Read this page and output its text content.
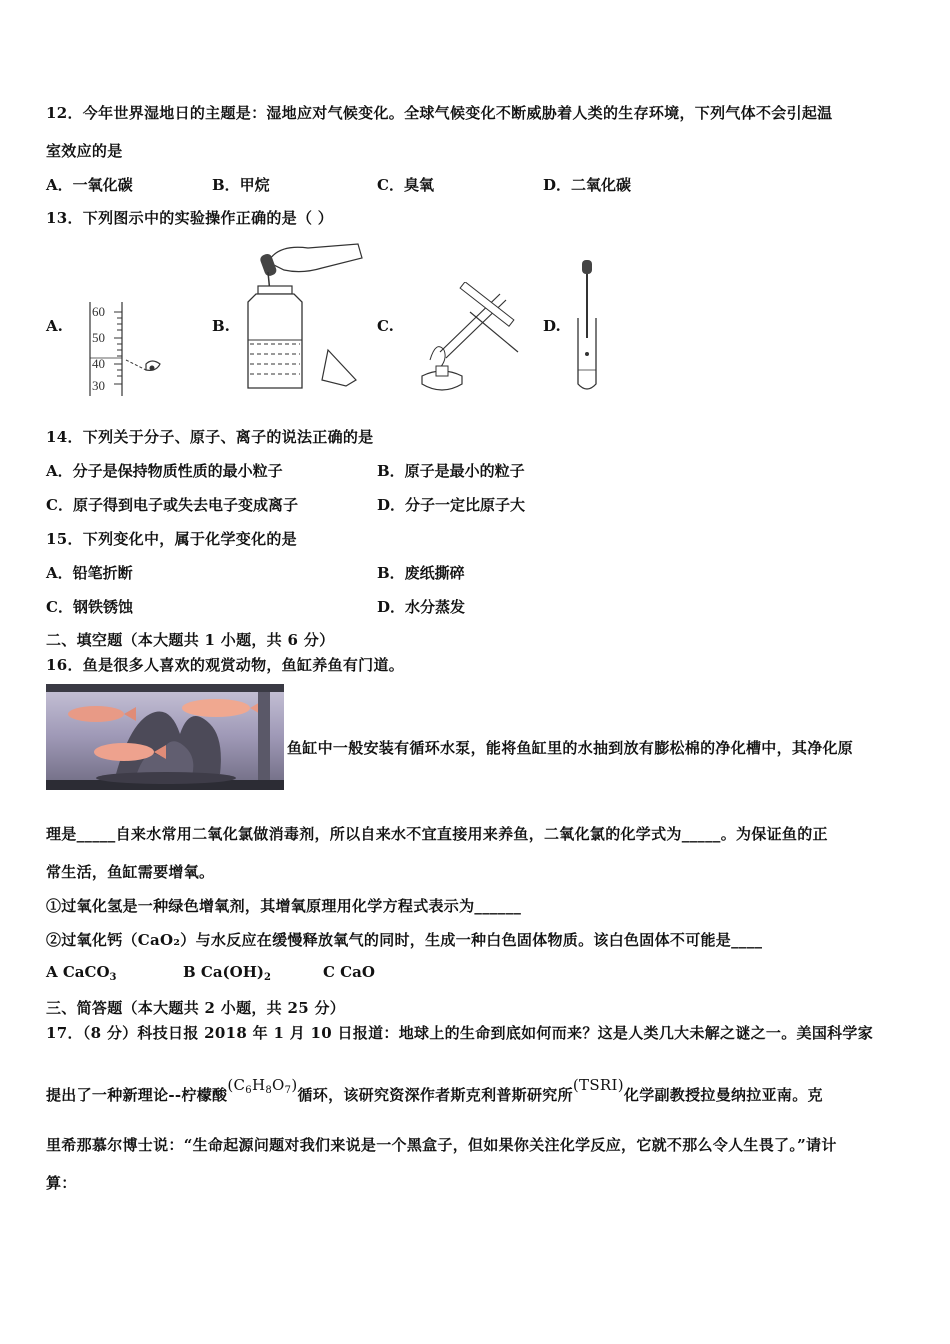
12．今年世界湿地日的主题是：湿地应对气候变化。全球气候变化不断威胁着人类的生存环境，下列气体不会引起温
室效应的是
A．一氧化碳	B．甲烷	C．臭氧	D．二氧化碳
13．下列图示中的实验操作正确的是（ ）
A.	B.	C.	D.
60
50
40
30
14．下列关于分子、原子、离子的说法正确的是
A．分子是保持物质性质的最小粒子	B．原子是最小的粒子
C．原子得到电子或失去电子变成离子	D．分子一定比原子大
15．下列变化中，属于化学变化的是
A．铅笔折断	B．废纸撕碎
C．钢铁锈蚀	D．水分蒸发
二、填空题（本大题共 1 小题，共 6 分）
16．鱼是很多人喜欢的观赏动物，鱼缸养鱼有门道。
鱼缸中一般安装有循环水泵，能将鱼缸里的水抽到放有膨松棉的净化槽中，其净化原
理是_____自来水常用二氧化氯做消毒剂，所以自来水不宜直接用来养鱼，二氧化氯的化学式为_____。为保证鱼的正
常生活，鱼缸需要增氧。
①过氧化氢是一种绿色增氧剂，其增氧原理用化学方程式表示为______
②过氧化钙（CaO₂）与水反应在缓慢释放氧气的同时，生成一种白色固体物质。该白色固体不可能是____
A CaCO$_3$	B $Ca(OH)_2$	C CaO
三、简答题（本大题共 2 小题，共 25 分）
17．（8 分）科技日报 2018 年 1 月 10 日报道：地球上的生命到底如何而来？这是人类几大未解之谜之一。美国科学家
提出了一种新理论--柠檬酸$(C_6H_8O_7)$循环，该研究资深作者斯克利普斯研究所(TSRI)化学副教授拉曼纳拉亚南。克
里希那慕尔博士说：“生命起源问题对我们来说是一个黑盒子，但如果你关注化学反应，它就不那么令人生畏了。”请计
算：
